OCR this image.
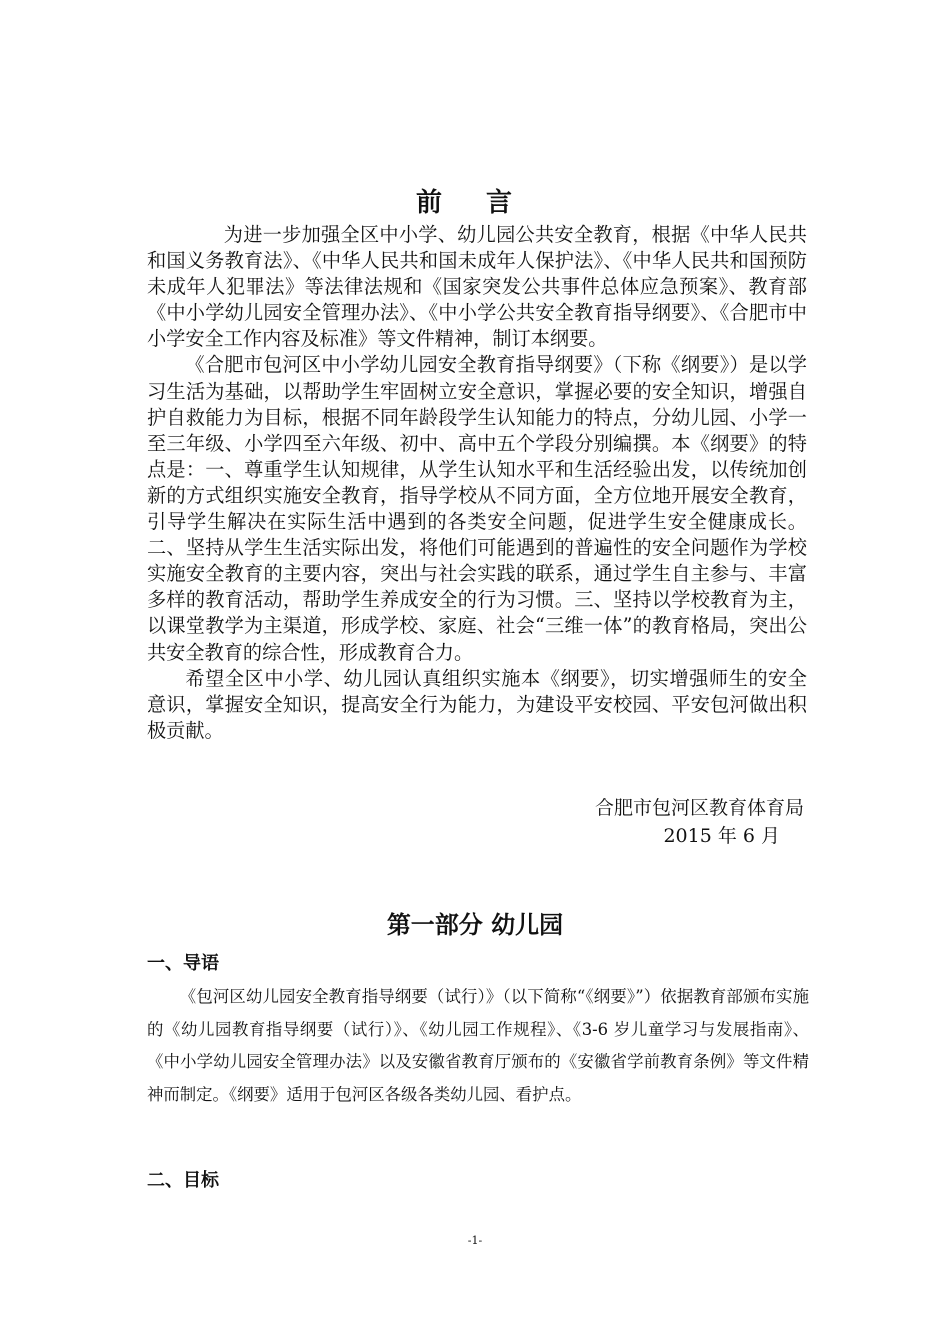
前言

为进一步加强全区中小学、幼儿园公共安全教育，根据《中华人民共和国义务教育法》、《中华人民共和国未成年人保护法》、《中华人民共和国预防未成年人犯罪法》等法律法规和《国家突发公共事件总体应急预案》、教育部《中小学幼儿园安全管理办法》、《中小学公共安全教育指导纲要》、《合肥市中小学安全工作内容及标准》等文件精神，制订本纲要。

《合肥市包河区中小学幼儿园安全教育指导纲要》（下称《纲要》）是以学习生活为基础，以帮助学生牢固树立安全意识，掌握必要的安全知识，增强自护自救能力为目标，根据不同年龄段学生认知能力的特点，分幼儿园、小学一至三年级、小学四至六年级、初中、高中五个学段分别编撰。本《纲要》的特点是：一、尊重学生认知规律，从学生认知水平和生活经验出发，以传统加创新的方式组织实施安全教育，指导学校从不同方面，全方位地开展安全教育，引导学生解决在实际生活中遇到的各类安全问题，促进学生安全健康成长。二、坚持从学生生活实际出发，将他们可能遇到的普遍性的安全问题作为学校实施安全教育的主要内容，突出与社会实践的联系，通过学生自主参与、丰富多样的教育活动，帮助学生养成安全的行为习惯。三、坚持以学校教育为主，以课堂教学为主渠道，形成学校、家庭、社会“三维一体”的教育格局，突出公共安全教育的综合性，形成教育合力。

希望全区中小学、幼儿园认真组织实施本《纲要》，切实增强师生的安全意识，掌握安全知识，提高安全行为能力，为建设平安校园、平安包河做出积极贡献。

合肥市包河区教育体育局
2015 年 6 月
第一部分 幼儿园
一、导语

《包河区幼儿园安全教育指导纲要（试行）》（以下简称“《纲要》”）依据教育部颁布实施的《幼儿园教育指导纲要（试行）》、《幼儿园工作规程》、《3-6 岁儿童学习与发展指南》、《中小学幼儿园安全管理办法》以及安徽省教育厅颁布的《安徽省学前教育条例》等文件精神而制定。《纲要》适用于包河区各级各类幼儿园、看护点。

二、目标
-1-
